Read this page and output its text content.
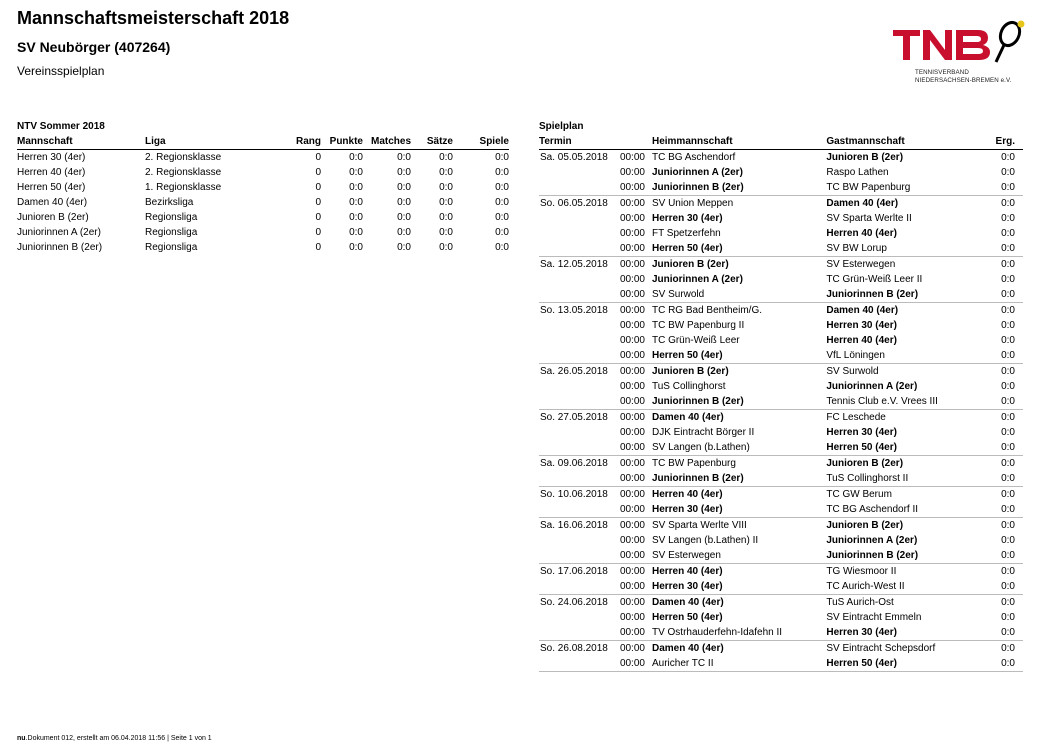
Mannschaftsmeisterschaft 2018
SV Neubörger (407264)
Vereinsspielplan	TENNISVERBAND
NIEDERSACHSEN-BREMEN e.V.
NTV Sommer 2018
Mannschaft	Liga	Rang	Punkte	Matches	Sätze	Spiele
Herren 30 (4er)	2. Regionsklasse	0	0:0	0:0	0:0	0:0
Herren 40 (4er)	2. Regionsklasse	0	0:0	0:0	0:0	0:0
Herren 50 (4er)	1. Regionsklasse	0	0:0	0:0	0:0	0:0
Damen 40 (4er)	Bezirksliga	0	0:0	0:0	0:0	0:0
Junioren B (2er)	Regionsliga	0	0:0	0:0	0:0	0:0
Juniorinnen A (2er)	Regionsliga	0	0:0	0:0	0:0	0:0
Juniorinnen B (2er)	Regionsliga	0	0:0	0:0	0:0	0:0
Spielplan
Termin	Heimmannschaft	Gastmannschaft	Erg.

Sa. 05.05.2018 00:00	TC BG Aschendorf	Junioren B (2er)	0:0

00:00	Juniorinnen A (2er)	Raspo Lathen	0:0

00:00	Juniorinnen B (2er)	TC BW Papenburg	0:0

So. 06.05.2018 00:00	SV Union Meppen	Damen 40 (4er)	0:0

00:00	Herren 30 (4er)	SV Sparta Werlte II	0:0

00:00	FT Spetzerfehn	Herren 40 (4er)	0:0

00:00	Herren 50 (4er)	SV BW Lorup	0:0

Sa. 12.05.2018 00:00	Junioren B (2er)	SV Esterwegen	0:0

00:00	Juniorinnen A (2er)	TC Grün-Weiß Leer II	0:0

00:00	SV Surwold	Juniorinnen B (2er)	0:0

So. 13.05.2018 00:00	TC RG Bad Bentheim/G.	Damen 40 (4er)	0:0

00:00	TC BW Papenburg II	Herren 30 (4er)	0:0

00:00	TC Grün-Weiß Leer	Herren 40 (4er)	0:0

00:00	Herren 50 (4er)	VfL Löningen	0:0

Sa. 26.05.2018 00:00	Junioren B (2er)	SV Surwold	0:0

00:00	TuS Collinghorst	Juniorinnen A (2er)	0:0

00:00	Juniorinnen B (2er)	Tennis Club e.V. Vrees III	0:0

So. 27.05.2018 00:00	Damen 40 (4er)	FC Leschede	0:0

00:00	DJK Eintracht Börger II	Herren 30 (4er)	0:0

00:00	SV Langen (b.Lathen)	Herren 50 (4er)	0:0

Sa. 09.06.2018 00:00	TC BW Papenburg	Junioren B (2er)	0:0

00:00	Juniorinnen B (2er)	TuS Collinghorst II	0:0

So. 10.06.2018 00:00	Herren 40 (4er)	TC GW Berum	0:0

00:00	Herren 30 (4er)	TC BG Aschendorf II	0:0

Sa. 16.06.2018 00:00	SV Sparta Werlte VIII	Junioren B (2er)	0:0

00:00	SV Langen (b.Lathen) II	Juniorinnen A (2er)	0:0

00:00	SV Esterwegen	Juniorinnen B (2er)	0:0

So. 17.06.2018 00:00	Herren 40 (4er)	TG Wiesmoor II	0:0

00:00	Herren 30 (4er)	TC Aurich-West II	0:0

So. 24.06.2018 00:00	Damen 40 (4er)	TuS Aurich-Ost	0:0

00:00	Herren 50 (4er)	SV Eintracht Emmeln	0:0

00:00	TV Ostrhauderfehn-Idafehn II	Herren 30 (4er)	0:0

So. 26.08.2018 00:00	Damen 40 (4er)	SV Eintracht Schepsdorf	0:0

00:00	Auricher TC II	Herren 50 (4er)	0:0
nu.Dokument 012, erstellt am 06.04.2018 11:56 | Seite 1 von 1
